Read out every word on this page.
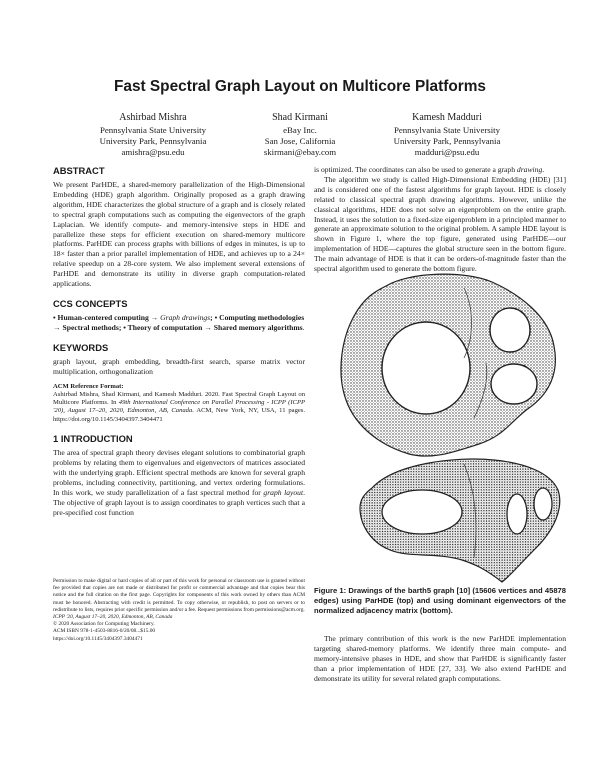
Fast Spectral Graph Layout on Multicore Platforms
Ashirbad Mishra
Pennsylvania State University
University Park, Pennsylvania
amishra@psu.edu
Shad Kirmani
eBay Inc.
San Jose, California
skirmani@ebay.com
Kamesh Madduri
Pennsylvania State University
University Park, Pennsylvania
madduri@psu.edu
ABSTRACT

We present ParHDE, a shared-memory parallelization of the High-Dimensional Embedding (HDE) graph algorithm. Originally proposed as a graph drawing algorithm, HDE characterizes the global structure of a graph and is closely related to spectral graph computations such as computing the eigenvectors of the graph Laplacian. We identify compute- and memory-intensive steps in HDE and parallelize these steps for efficient execution on shared-memory multicore platforms. ParHDE can process graphs with billions of edges in minutes, is up to 18× faster than a prior parallel implementation of HDE, and achieves up to a 24× relative speedup on a 28-core system. We also implement several extensions of ParHDE and demonstrate its utility in diverse graph computation-related applications.

CCS CONCEPTS

• Human-centered computing → Graph drawings; • Computing methodologies → Spectral methods; • Theory of computation → Shared memory algorithms.

KEYWORDS

graph layout, graph embedding, breadth-first search, sparse matrix vector multiplication, orthogonalization

ACM Reference Format:

Ashirbad Mishra, Shad Kirmani, and Kamesh Madduri. 2020. Fast Spectral Graph Layout on Multicore Platforms. In 49th International Conference on Parallel Processing - ICPP (ICPP '20), August 17–20, 2020, Edmonton, AB, Canada. ACM, New York, NY, USA, 11 pages. https://doi.org/10.1145/3404397.3404471

1 INTRODUCTION

The area of spectral graph theory devises elegant solutions to combinatorial graph problems by relating them to eigenvalues and eigenvectors of matrices associated with the underlying graph. Efficient spectral methods are known for several graph problems, including connectivity, partitioning, and vertex ordering formulations. In this work, we study parallelization of a fast spectral method for graph layout. The objective of graph layout is to assign coordinates to graph vertices such that a pre-specified cost function

Permission to make digital or hard copies of all or part of this work for personal or classroom use is granted without fee provided that copies are not made or distributed for profit or commercial advantage and that copies bear this notice and the full citation on the first page. Copyrights for components of this work owned by others than ACM must be honored. Abstracting with credit is permitted. To copy otherwise, or republish, to post on servers or to redistribute to lists, requires prior specific permission and/or a fee. Request permissions from permissions@acm.org.
ICPP '20, August 17–20, 2020, Edmonton, AB, Canada
© 2020 Association for Computing Machinery.
ACM ISBN 978-1-4503-8816-0/20/08...$15.00
https://doi.org/10.1145/3404397.3404471

is optimized. The coordinates can also be used to generate a graph drawing.

The algorithm we study is called High-Dimensional Embedding (HDE) [31] and is considered one of the fastest algorithms for graph layout. HDE is closely related to classical spectral graph drawing algorithms. However, unlike the classical algorithms, HDE does not solve an eigenproblem on the entire graph. Instead, it uses the solution to a fixed-size eigenproblem in a principled manner to generate an approximate solution to the original problem. A sample HDE layout is shown in Figure 1, where the top figure, generated using ParHDE—our implementation of HDE—captures the global structure seen in the bottom figure. The main advantage of HDE is that it can be orders-of-magnitude faster than the spectral algorithm used to generate the bottom figure.

Figure 1: Drawings of the barth5 graph [10] (15606 vertices and 45878 edges) using ParHDE (top) and using dominant eigenvectors of the normalized adjacency matrix (bottom).

The primary contribution of this work is the new ParHDE implementation targeting shared-memory platforms. We identify three main compute- and memory-intensive phases in HDE, and show that ParHDE is significantly faster than a prior implementation of HDE [27, 33]. We also extend ParHDE and demonstrate its utility for several related graph computations.
